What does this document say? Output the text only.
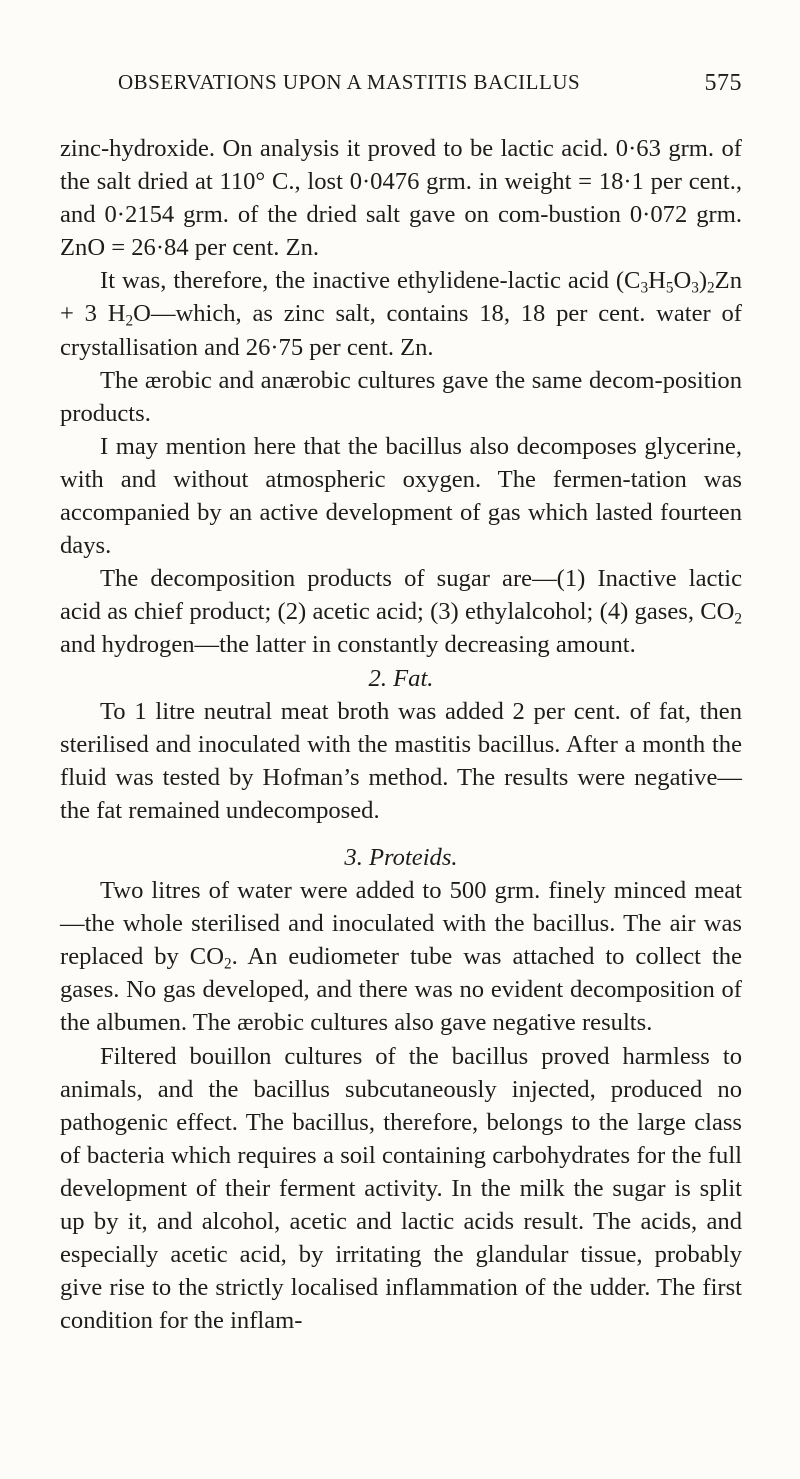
OBSERVATIONS UPON A MASTITIS BACILLUS	575

zinc-hydroxide. On analysis it proved to be lactic acid. 0·63 grm. of the salt dried at 110° C., lost 0·0476 grm. in weight = 18·1 per cent., and 0·2154 grm. of the dried salt gave on com-bustion 0·072 grm. ZnO = 26·84 per cent. Zn.

It was, therefore, the inactive ethylidene-lactic acid $(C_3H_5O_3)_2Zn + 3$ $H_2O—which$, as zinc salt, contains 18, 18 per cent. water of crystallisation and 26·75 per cent. Zn.

The ærobic and anærobic cultures gave the same decom-position products.

I may mention here that the bacillus also decomposes glycerine, with and without atmospheric oxygen. The fermen-tation was accompanied by an active development of gas which lasted fourteen days.

The decomposition products of sugar are—(1) Inactive lactic acid as chief product; (2) acetic acid; (3) ethylalcohol; (4) gases, $CO_2$ and hydrogen—the latter in constantly decreasing amount.

2. Fat.

To 1 litre neutral meat broth was added 2 per cent. of fat, then sterilised and inoculated with the mastitis bacillus. After a month the fluid was tested by Hofman’s method. The results were negative—the fat remained undecomposed.

3. Proteids.

Two litres of water were added to 500 grm. finely minced meat—the whole sterilised and inoculated with the bacillus. The air was replaced by $CO_2$. An eudiometer tube was attached to collect the gases. No gas developed, and there was no evident decomposition of the albumen. The ærobic cultures also gave negative results.

Filtered bouillon cultures of the bacillus proved harmless to animals, and the bacillus subcutaneously injected, produced no pathogenic effect. The bacillus, therefore, belongs to the large class of bacteria which requires a soil containing carbohydrates for the full development of their ferment activity. In the milk the sugar is split up by it, and alcohol, acetic and lactic acids result. The acids, and especially acetic acid, by irritating the glandular tissue, probably give rise to the strictly localised inflammation of the udder. The first condition for the inflam-
